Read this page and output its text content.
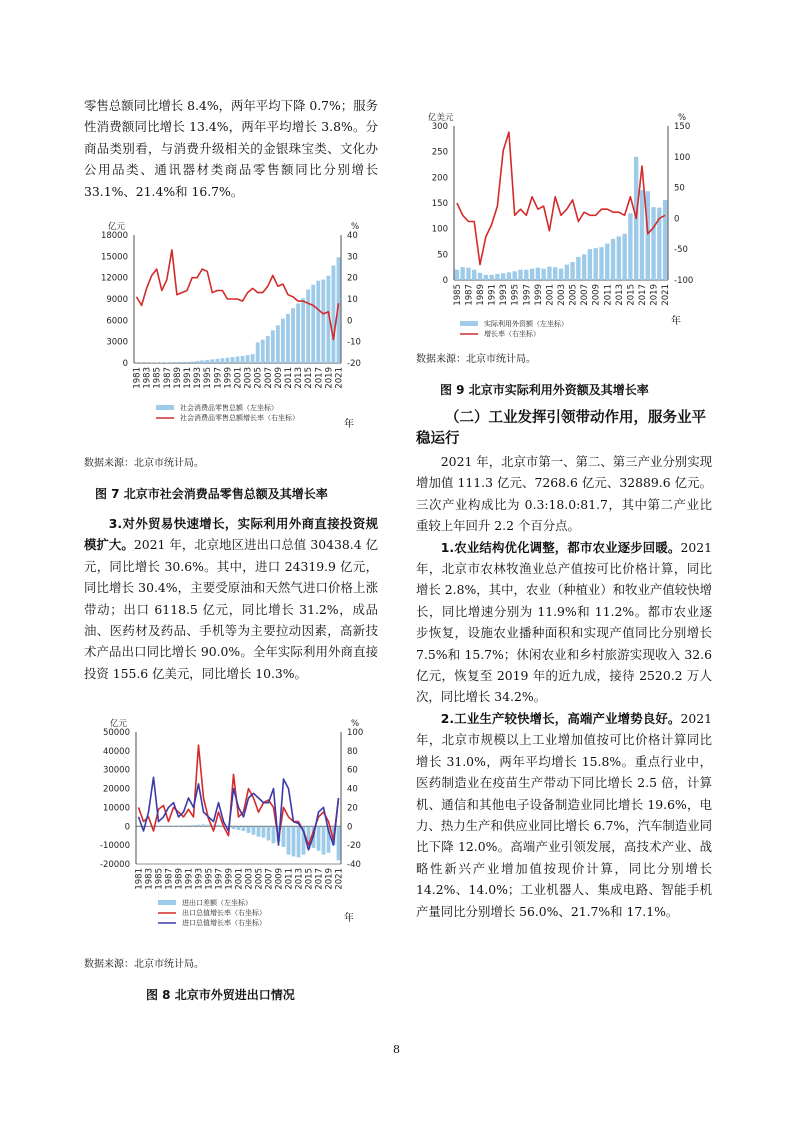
零售总额同比增长 8.4%，两年平均下降 0.7%；服务性消费额同比增长 13.4%，两年平均增长 3.8%。分商品类别看，与消费升级相关的金银珠宝类、文化办公用品类、通讯器材类商品零售额同比分别增长 33.1%、21.4%和 16.7%。

亿元	%
18000
15000
12000
9000
6000
3000
0
40
30
20
10
0
-10
-20
1981 1983 1985 1987 1989 1991 1993 1995 1997 1999 2001 2003 2005 2007 2009 2011 2013 2015 2017 2019 2021
社会消费品零售总额（左坐标）
社会消费品零售总额增长率（右坐标）
年
数据来源：北京市统计局。
图 7 北京市社会消费品零售总额及其增长率

3.对外贸易快速增长，实际利用外商直接投资规模扩大。2021 年，北京地区进出口总值 30438.4 亿元，同比增长 30.6%。其中，进口 24319.9 亿元，同比增长 30.4%，主要受原油和天然气进口价格上涨带动；出口 6118.5 亿元，同比增长 31.2%，成品油、医药材及药品、手机等为主要拉动因素，高新技术产品出口同比增长 90.0%。全年实际利用外商直接投资 155.6 亿美元，同比增长 10.3%。

亿元	%
50000
40000
30000
20000
10000
0
-10000
-20000
100
80
60
40
20
0
-20
-40
1981 1983 1985 1987 1989 1991 1993 1995 1997 1999 2001 2003 2005 2007 2009 2011 2013 2015 2017 2019 2021
进出口差额（左坐标）
出口总值增长率（右坐标）
进口总值增长率（右坐标）	年
数据来源：北京市统计局。
图 8 北京市外贸进出口情况
亿美元	%
300
250
200
150
100
50
0
150
100
50
0
-50
-100
1985 1987 1989 1991 1993 1995 1997 1999 2001 2003 2005 2007 2009 2011 2013 2015 2017 2019 2021
实际利用外资额（左坐标）
增长率（右坐标）
年
数据来源：北京市统计局。
图 9 北京市实际利用外资额及其增长率
（二）工业发挥引领带动作用，服务业平稳运行

2021 年，北京市第一、第二、第三产业分别实现增加值 111.3 亿元、7268.6 亿元、32889.6 亿元。三次产业构成比为 0.3:18.0:81.7，其中第二产业比重较上年回升 2.2 个百分点。

1.农业结构优化调整，都市农业逐步回暖。2021 年，北京市农林牧渔业总产值按可比价格计算，同比增长 2.8%，其中，农业（种植业）和牧业产值较快增长，同比增速分别为 11.9%和 11.2%。都市农业逐步恢复，设施农业播种面积和实现产值同比分别增长 7.5%和 15.7%；休闲农业和乡村旅游实现收入 32.6 亿元，恢复至 2019 年的近九成，接待 2520.2 万人次，同比增长 34.2%。

2.工业生产较快增长，高端产业增势良好。2021 年，北京市规模以上工业增加值按可比价格计算同比增长 31.0%，两年平均增长 15.8%。重点行业中，医药制造业在疫苗生产带动下同比增长 2.5 倍，计算机、通信和其他电子设备制造业同比增长 19.6%，电力、热力生产和供应业同比增长 6.7%，汽车制造业同比下降 12.0%。高端产业引领发展，高技术产业、战略性新兴产业增加值按现价计算，同比分别增长 14.2%、14.0%；工业机器人、集成电路、智能手机产量同比分别增长 56.0%、21.7%和 17.1%。

8
